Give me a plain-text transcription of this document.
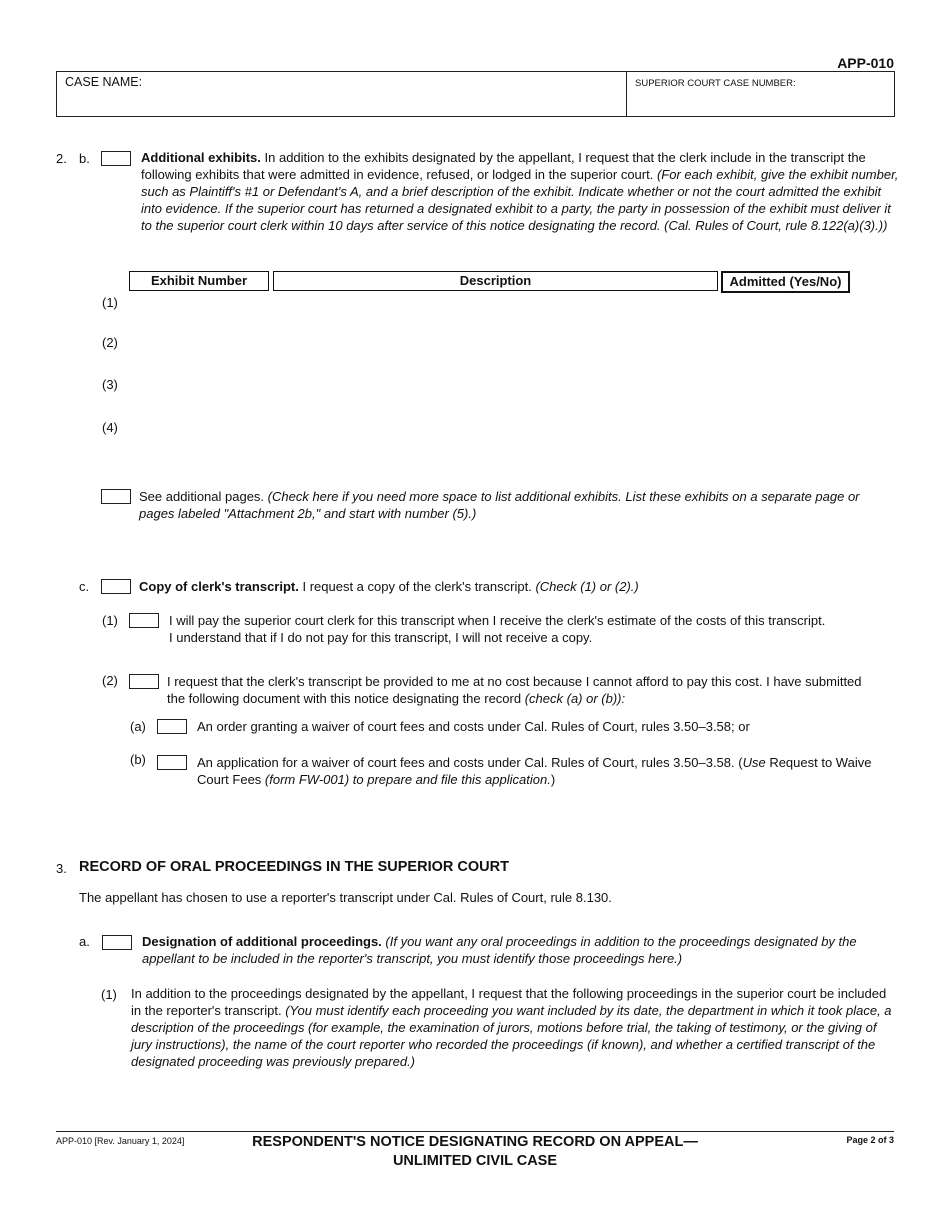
APP-010
CASE NAME:	SUPERIOR COURT CASE NUMBER:
2. b.	Additional exhibits. In addition to the exhibits designated by the appellant, I request that the clerk include in the transcript the following exhibits that were admitted in evidence, refused, or lodged in the superior court. (For each exhibit, give the exhibit number, such as Plaintiff's #1 or Defendant's A, and a brief description of the exhibit. Indicate whether or not the court admitted the exhibit into evidence. If the superior court has returned a designated exhibit to a party, the party in possession of the exhibit must deliver it to the superior court clerk within 10 days after service of this notice designating the record. (Cal. Rules of Court, rule 8.122(a)(3).))
Exhibit Number	Description	Admitted (Yes/No)
(1)
(2)
(3)
(4)
See additional pages. (Check here if you need more space to list additional exhibits. List these exhibits on a separate page or pages labeled "Attachment 2b," and start with number (5).)
c.	Copy of clerk's transcript. I request a copy of the clerk's transcript. (Check (1) or (2).)
(1)	I will pay the superior court clerk for this transcript when I receive the clerk's estimate of the costs of this transcript.
I understand that if I do not pay for this transcript, I will not receive a copy.
(2)	I request that the clerk's transcript be provided to me at no cost because I cannot afford to pay this cost. I have submitted the following document with this notice designating the record (check (a) or (b)):
(a)	An order granting a waiver of court fees and costs under Cal. Rules of Court, rules 3.50–3.58; or
(b)	An application for a waiver of court fees and costs under Cal. Rules of Court, rules 3.50–3.58. (Use Request to Waive Court Fees (form FW-001) to prepare and file this application.)
3. RECORD OF ORAL PROCEEDINGS IN THE SUPERIOR COURT
The appellant has chosen to use a reporter's transcript under Cal. Rules of Court, rule 8.130.
a.	Designation of additional proceedings. (If you want any oral proceedings in addition to the proceedings designated by the appellant to be included in the reporter's transcript, you must identify those proceedings here.)
(1) In addition to the proceedings designated by the appellant, I request that the following proceedings in the superior court be included in the reporter's transcript. (You must identify each proceeding you want included by its date, the department in which it took place, a description of the proceedings (for example, the examination of jurors, motions before trial, the taking of testimony, or the giving of jury instructions), the name of the court reporter who recorded the proceedings (if known), and whether a certified transcript of the designated proceeding was previously prepared.)
APP-010 [Rev. January 1, 2024]	RESPONDENT'S NOTICE DESIGNATING RECORD ON APPEAL—
UNLIMITED CIVIL CASE
Page 2 of 3
